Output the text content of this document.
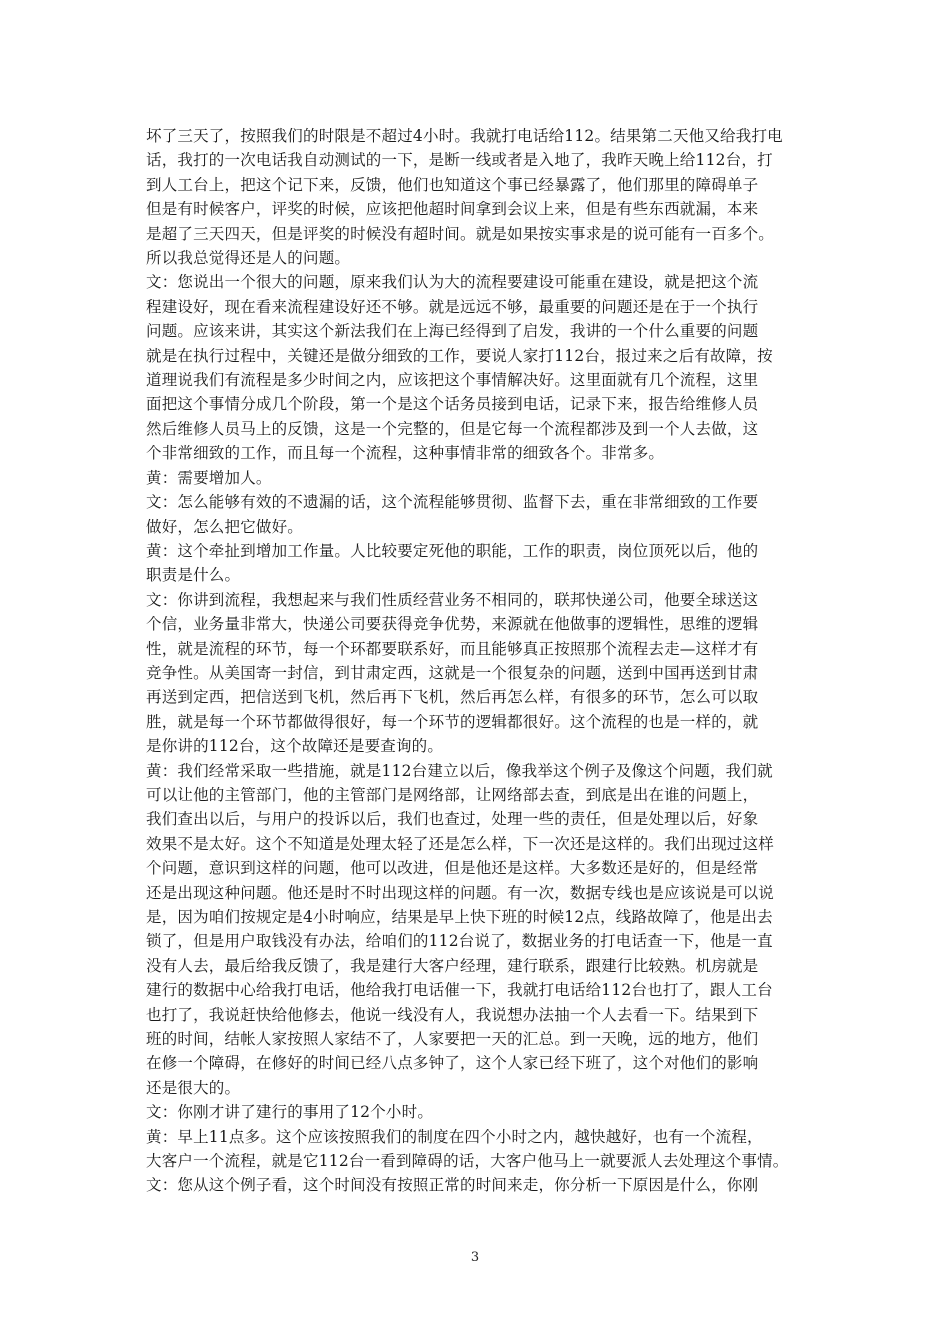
坏了三天了，按照我们的时限是不超过4小时。我就打电话给112。结果第二天他又给我打电
话，我打的一次电话我自动测试的一下，是断一线或者是入地了，我昨天晚上给112台，打
到人工台上，把这个记下来，反馈，他们也知道这个事已经暴露了，他们那里的障碍单子
但是有时候客户，评奖的时候，应该把他超时间拿到会议上来，但是有些东西就漏，本来
是超了三天四天，但是评奖的时候没有超时间。就是如果按实事求是的说可能有一百多个。
所以我总觉得还是人的问题。

文：您说出一个很大的问题，原来我们认为大的流程要建设可能重在建设，就是把这个流
程建设好，现在看来流程建设好还不够。就是远远不够，最重要的问题还是在于一个执行
问题。应该来讲，其实这个新法我们在上海已经得到了启发，我讲的一个什么重要的问题
就是在执行过程中，关键还是做分细致的工作，要说人家打112台，报过来之后有故障，按
道理说我们有流程是多少时间之内，应该把这个事情解决好。这里面就有几个流程，这里
面把这个事情分成几个阶段，第一个是这个话务员接到电话，记录下来，报告给维修人员
然后维修人员马上的反馈，这是一个完整的，但是它每一个流程都涉及到一个人去做，这
个非常细致的工作，而且每一个流程，这种事情非常的细致各个。非常多。

黄：需要增加人。

文：怎么能够有效的不遗漏的话，这个流程能够贯彻、监督下去，重在非常细致的工作要
做好，怎么把它做好。

黄：这个牵扯到增加工作量。人比较要定死他的职能，工作的职责，岗位顶死以后，他的
职责是什么。

文：你讲到流程，我想起来与我们性质经营业务不相同的，联邦快递公司，他要全球送这
个信，业务量非常大，快递公司要获得竞争优势，来源就在他做事的逻辑性，思维的逻辑
性，就是流程的环节，每一个环都要联系好，而且能够真正按照那个流程去走—这样才有
竞争性。从美国寄一封信，到甘肃定西，这就是一个很复杂的问题，送到中国再送到甘肃
再送到定西，把信送到飞机，然后再下飞机，然后再怎么样，有很多的环节，怎么可以取
胜，就是每一个环节都做得很好，每一个环节的逻辑都很好。这个流程的也是一样的，就
是你讲的112台，这个故障还是要查询的。

黄：我们经常采取一些措施，就是112台建立以后，像我举这个例子及像这个问题，我们就
可以让他的主管部门，他的主管部门是网络部，让网络部去查，到底是出在谁的问题上，
我们查出以后，与用户的投诉以后，我们也查过，处理一些的责任，但是处理以后，好象
效果不是太好。这个不知道是处理太轻了还是怎么样，下一次还是这样的。我们出现过这样
个问题，意识到这样的问题，他可以改进，但是他还是这样。大多数还是好的，但是经常
还是出现这种问题。他还是时不时出现这样的问题。有一次，数据专线也是应该说是可以说
是，因为咱们按规定是4小时响应，结果是早上快下班的时候12点，线路故障了，他是出去
锁了，但是用户取钱没有办法，给咱们的112台说了，数据业务的打电话查一下，他是一直
没有人去，最后给我反馈了，我是建行大客户经理，建行联系，跟建行比较熟。机房就是
建行的数据中心给我打电话，他给我打电话催一下，我就打电话给112台也打了，跟人工台
也打了，我说赶快给他修去，他说一线没有人，我说想办法抽一个人去看一下。结果到下
班的时间，结帐人家按照人家结不了，人家要把一天的汇总。到一天晚，远的地方，他们
在修一个障碍，在修好的时间已经八点多钟了，这个人家已经下班了，这个对他们的影响
还是很大的。

文：你刚才讲了建行的事用了12个小时。

黄：早上11点多。这个应该按照我们的制度在四个小时之内，越快越好，也有一个流程，
大客户一个流程，就是它112台一看到障碍的话，大客户他马上一就要派人去处理这个事情。

文：您从这个例子看，这个时间没有按照正常的时间来走，你分析一下原因是什么，你刚

3
